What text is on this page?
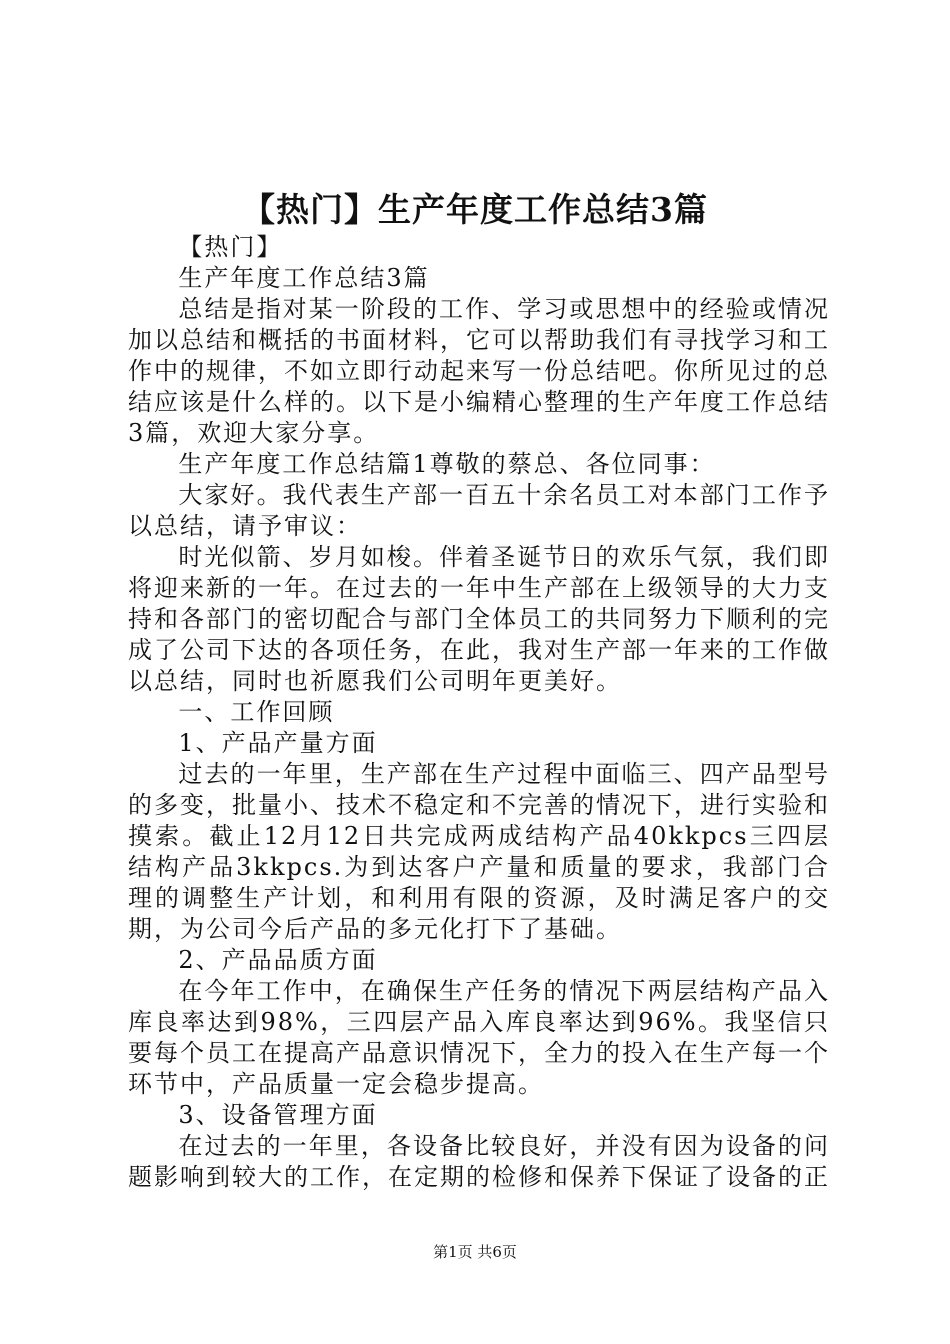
【热门】生产年度工作总结3篇

【热门】

生产年度工作总结3篇

总结是指对某一阶段的工作、学习或思想中的经验或情况加以总结和概括的书面材料，它可以帮助我们有寻找学习和工作中的规律，不如立即行动起来写一份总结吧。你所见过的总结应该是什么样的。以下是小编精心整理的生产年度工作总结3篇，欢迎大家分享。

生产年度工作总结篇1尊敬的蔡总、各位同事：

大家好。我代表生产部一百五十余名员工对本部门工作予以总结，请予审议：

时光似箭、岁月如梭。伴着圣诞节日的欢乐气氛，我们即将迎来新的一年。在过去的一年中生产部在上级领导的大力支持和各部门的密切配合与部门全体员工的共同努力下顺利的完成了公司下达的各项任务，在此，我对生产部一年来的工作做以总结，同时也祈愿我们公司明年更美好。

一、工作回顾

1、产品产量方面

过去的一年里，生产部在生产过程中面临三、四产品型号的多变，批量小、技术不稳定和不完善的情况下，进行实验和摸索。截止12月12日共完成两成结构产品40kkpcs三四层结构产品3kkpcs.为到达客户产量和质量的要求，我部门合理的调整生产计划，和利用有限的资源，及时满足客户的交期，为公司今后产品的多元化打下了基础。

2、产品品质方面

在今年工作中，在确保生产任务的情况下两层结构产品入库良率达到98%，三四层产品入库良率达到96%。我坚信只要每个员工在提高产品意识情况下，全力的投入在生产每一个环节中，产品质量一定会稳步提高。

3、设备管理方面

在过去的一年里，各设备比较良好，并没有因为设备的问题影响到较大的工作，在定期的检修和保养下保证了设备的正

第1页 共6页
